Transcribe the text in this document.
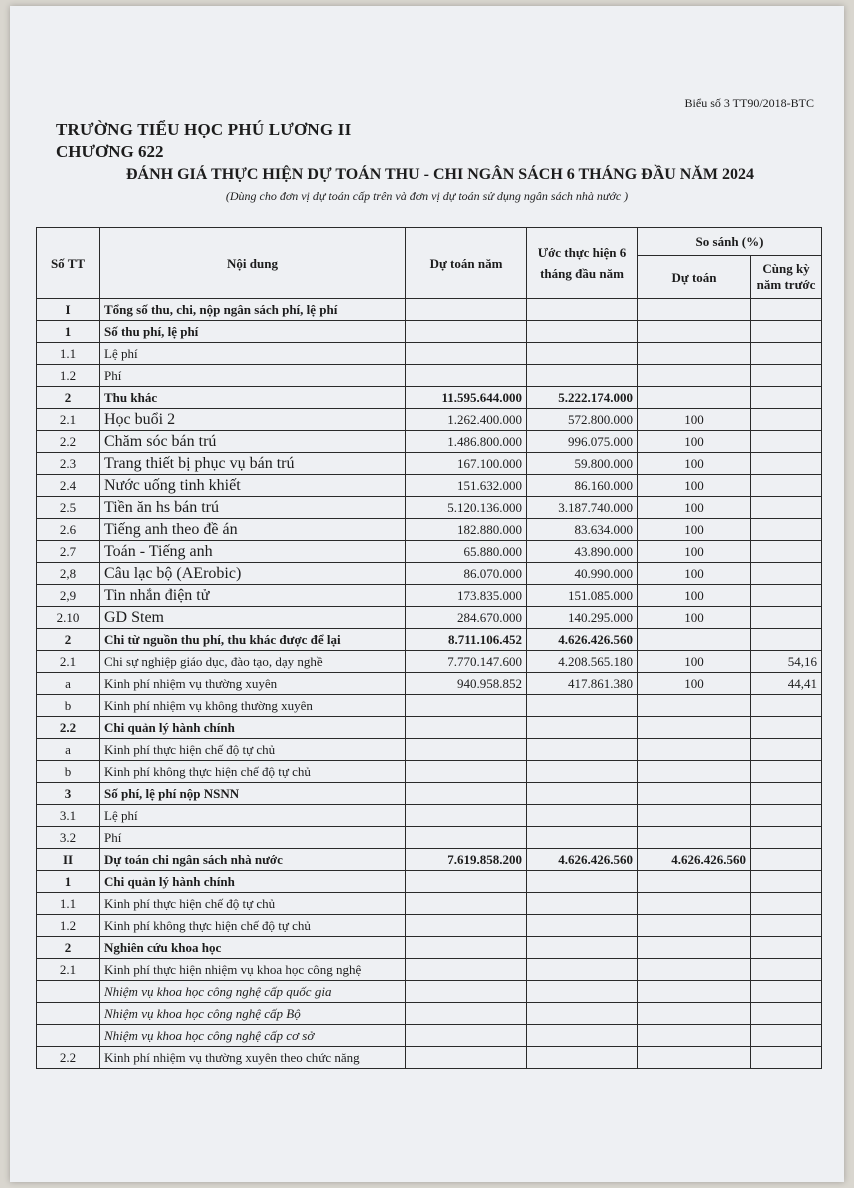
Biểu số 3 TT90/2018-BTC
TRƯỜNG TIỂU HỌC PHÚ LƯƠNG II
CHƯƠNG 622
ĐÁNH GIÁ THỰC HIỆN DỰ TOÁN THU - CHI NGÂN SÁCH 6 THÁNG ĐẦU NĂM 2024
(Dùng cho đơn vị dự toán cấp trên và đơn vị dự toán sử dụng ngân sách nhà nước )
Số TT	Nội dung	Dự toán năm	Ước thực hiện 6 tháng đầu năm	So sánh (%)	
				Dự toán	Cùng kỳ năm trước
I	Tổng số thu, chi, nộp ngân sách phí, lệ phí				
1	Số thu phí, lệ phí				
1.1	Lệ phí				
1.2	Phí				
2	Thu khác	11.595.644.000	5.222.174.000		
2.1	Học buổi 2	1.262.400.000	572.800.000	100	
2.2	Chăm sóc bán trú	1.486.800.000	996.075.000	100	
2.3	Trang thiết bị phục vụ bán trú	167.100.000	59.800.000	100	
2.4	Nước uống tinh khiết	151.632.000	86.160.000	100	
2.5	Tiền ăn hs bán trú	5.120.136.000	3.187.740.000	100	
2.6	Tiếng anh theo đề án	182.880.000	83.634.000	100	
2.7	Toán - Tiếng anh	65.880.000	43.890.000	100	
2,8	Câu lạc bộ (AErobic)	86.070.000	40.990.000	100	
2,9	Tin nhắn điện tử	173.835.000	151.085.000	100	
2.10	GD Stem	284.670.000	140.295.000	100	
2	Chi từ nguồn thu phí, thu khác được để lại	8.711.106.452	4.626.426.560		
2.1	Chi sự nghiệp giáo dục, đào tạo, dạy nghề	7.770.147.600	4.208.565.180	100	54,16
a	Kinh phí nhiệm vụ thường xuyên	940.958.852	417.861.380	100	44,41
b	Kinh phí nhiệm vụ không thường xuyên				
2.2	Chi quản lý hành chính				
a	Kinh phí thực hiện chế độ tự chủ				
b	Kinh phí không thực hiện chế độ tự chủ				
3	Số phí, lệ phí nộp NSNN				
3.1	Lệ phí				
3.2	Phí				
II	Dự toán chi ngân sách nhà nước	7.619.858.200	4.626.426.560	4.626.426.560	
1	Chi quản lý hành chính				
1.1	Kinh phí thực hiện chế độ tự chủ				
1.2	Kinh phí không thực hiện chế độ tự chủ				
2	Nghiên cứu khoa học				
2.1	Kinh phí thực hiện nhiệm vụ khoa học công nghệ				
	Nhiệm vụ khoa học công nghệ cấp quốc gia				
	Nhiệm vụ khoa học công nghệ cấp Bộ				
	Nhiệm vụ khoa học công nghệ cấp cơ sở				
2.2	Kinh phí nhiệm vụ thường xuyên theo chức năng				
